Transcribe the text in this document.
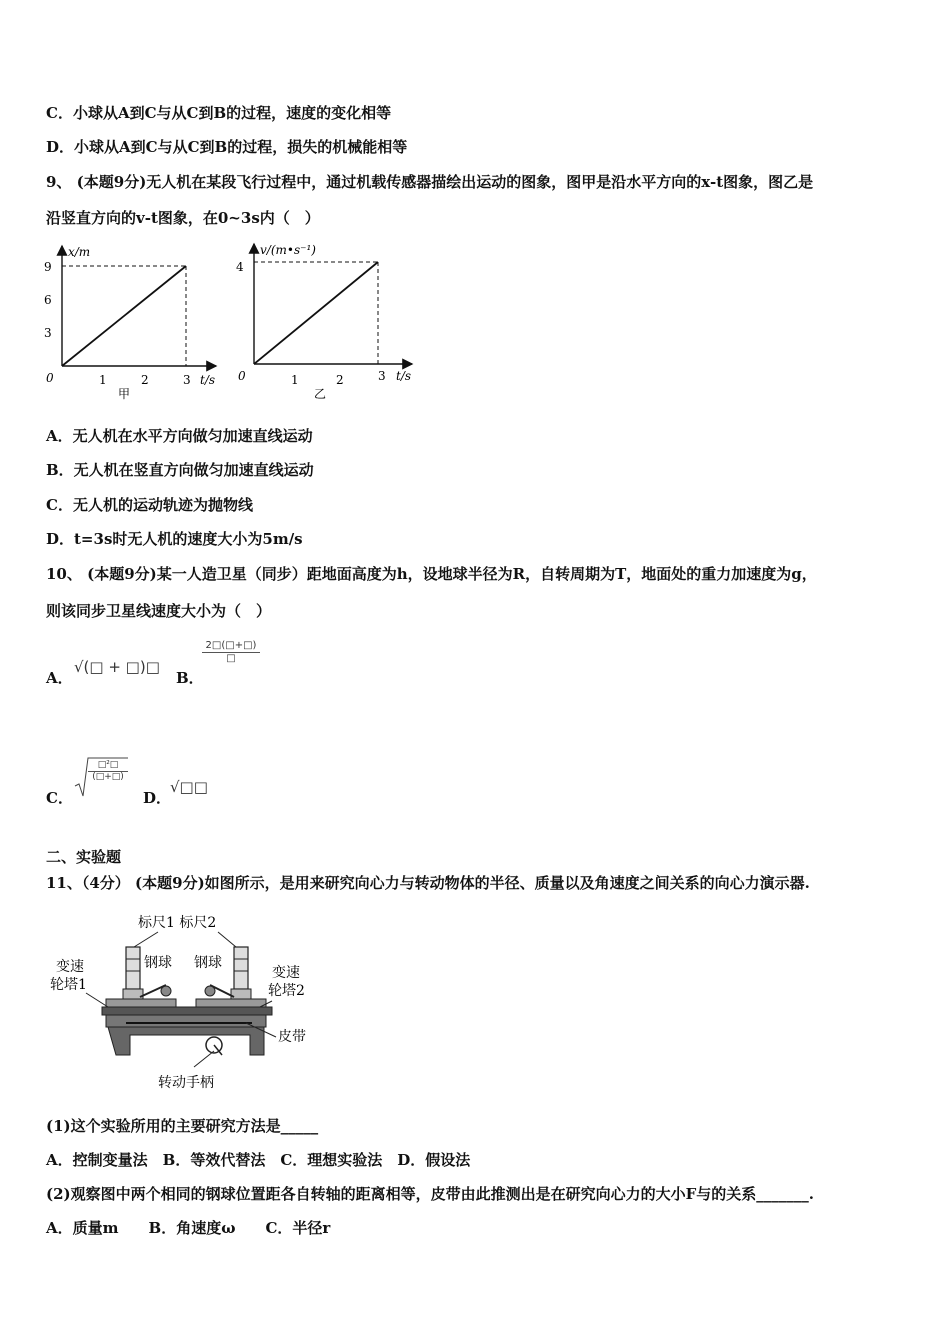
C．小球从A到C与从C到B的过程，速度的变化相等
D．小球从A到C与从C到B的过程，损失的机械能相等
9、 (本题9分)无人机在某段飞行过程中，通过机载传感器描绘出运动的图象，图甲是沿水平方向的x-t图象，图乙是
沿竖直方向的v-t图象，在0~3s内（　）
x/m
9
6
3
0	1	2	3 t/s
甲
v/(m•s⁻¹)
4
0	1	2	3 t/s
乙
A．无人机在水平方向做匀加速直线运动
B．无人机在竖直方向做匀加速直线运动
C．无人机的运动轨迹为抛物线
D．t=3s时无人机的速度大小为5m/s
10、 (本题9分)某一人造卫星（同步）距地面高度为h，设地球半径为R，自转周期为T，地面处的重力加速度为g，
则该同步卫星线速度大小为（　）
A．
√(□ + □)□
B．
2□(□+□)
□
C．
□²□
(□+□)
D．
√□□
二、实验题
11、（4分） (本题9分)如图所示，是用来研究向心力与转动物体的半径、质量以及角速度之间关系的向心力演示器.
标尺1 标尺2
钢球 钢球
变速
轮塔1
变速
轮塔2
皮带
转动手柄
(1)这个实验所用的主要研究方法是_____
A．控制变量法　B．等效代替法　C．理想实验法　D．假设法
(2)观察图中两个相同的钢球位置距各自转轴的距离相等，皮带由此推测出是在研究向心力的大小F与的关系_______.
A．质量m　　B．角速度ω　　C．半径r
